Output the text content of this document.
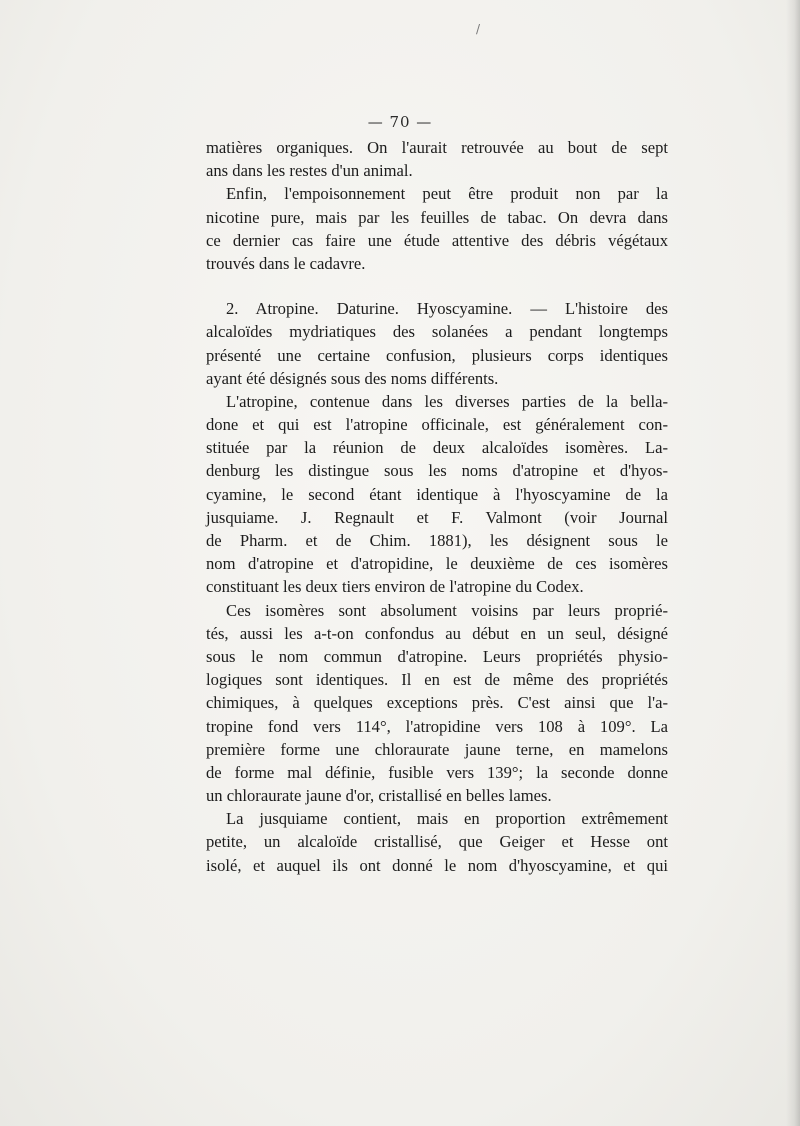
/
— 70 —
matières organiques. On l'aurait retrouvée au bout de sept
ans dans les restes d'un animal.
Enfin, l'empoisonnement peut être produit non par la
nicotine pure, mais par les feuilles de tabac. On devra dans
ce dernier cas faire une étude attentive des débris végétaux
trouvés dans le cadavre.
2. Atropine. Daturine. Hyoscyamine. — L'histoire des
alcaloïdes mydriatiques des solanées a pendant longtemps
présenté une certaine confusion, plusieurs corps identiques
ayant été désignés sous des noms différents.
L'atropine, contenue dans les diverses parties de la bella-
done et qui est l'atropine officinale, est généralement con-
stituée par la réunion de deux alcaloïdes isomères. La-
denburg les distingue sous les noms d'atropine et d'hyos-
cyamine, le second étant identique à l'hyoscyamine de la
jusquiame. J. Regnault et F. Valmont (voir Journal
de Pharm. et de Chim. 1881), les désignent sous le
nom d'atropine et d'atropidine, le deuxième de ces isomères
constituant les deux tiers environ de l'atropine du Codex.
Ces isomères sont absolument voisins par leurs proprié-
tés, aussi les a-t-on confondus au début en un seul, désigné
sous le nom commun d'atropine. Leurs propriétés physio-
logiques sont identiques. Il en est de même des propriétés
chimiques, à quelques exceptions près. C'est ainsi que l'a-
tropine fond vers 114°, l'atropidine vers 108 à 109°. La
première forme une chloraurate jaune terne, en mamelons
de forme mal définie, fusible vers 139°; la seconde donne
un chloraurate jaune d'or, cristallisé en belles lames.
La jusquiame contient, mais en proportion extrêmement
petite, un alcaloïde cristallisé, que Geiger et Hesse ont
isolé, et auquel ils ont donné le nom d'hyoscyamine, et qui
